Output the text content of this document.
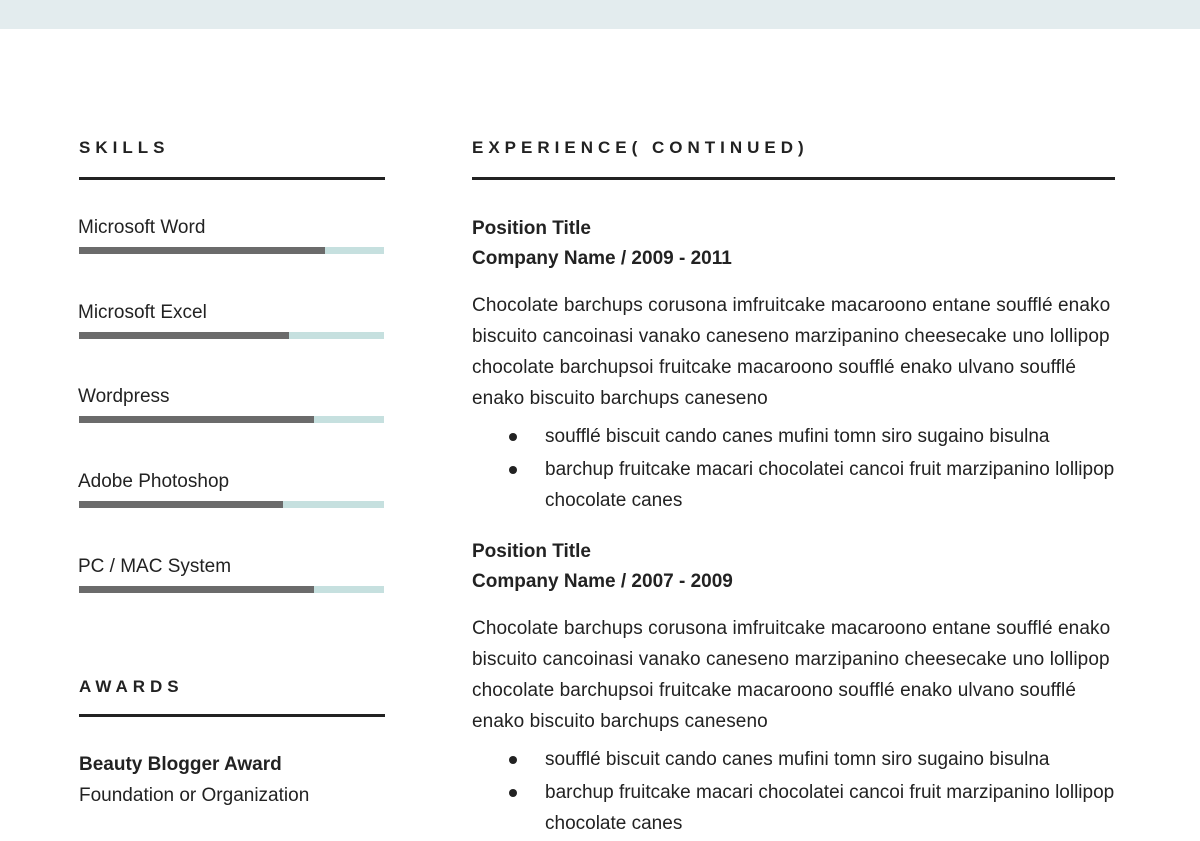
SKILLS
Microsoft Word
Microsoft Excel
Wordpress
Adobe Photoshop
PC / MAC System
AWARDS
Beauty Blogger Award
Foundation or Organization
EXPERIENCE( CONTINUED)
Position Title
Company Name / 2009 - 2011

Chocolate barchups corusona imfruitcake macaroono entane soufflé enako biscuito cancoinasi vanako caneseno marzipanino cheesecake uno lollipop chocolate barchupsoi fruitcake macaroono soufflé enako ulvano soufflé enako biscuito barchups caneseno

soufflé biscuit cando canes mufini tomn siro sugaino bisulna
barchup fruitcake macari chocolatei cancoi fruit marzipanino lollipop chocolate canes
Position Title
Company Name / 2007 - 2009

Chocolate barchups corusona imfruitcake macaroono entane soufflé enako biscuito cancoinasi vanako caneseno marzipanino cheesecake uno lollipop chocolate barchupsoi fruitcake macaroono soufflé enako ulvano soufflé enako biscuito barchups caneseno

soufflé biscuit cando canes mufini tomn siro sugaino bisulna
barchup fruitcake macari chocolatei cancoi fruit marzipanino lollipop chocolate canes
